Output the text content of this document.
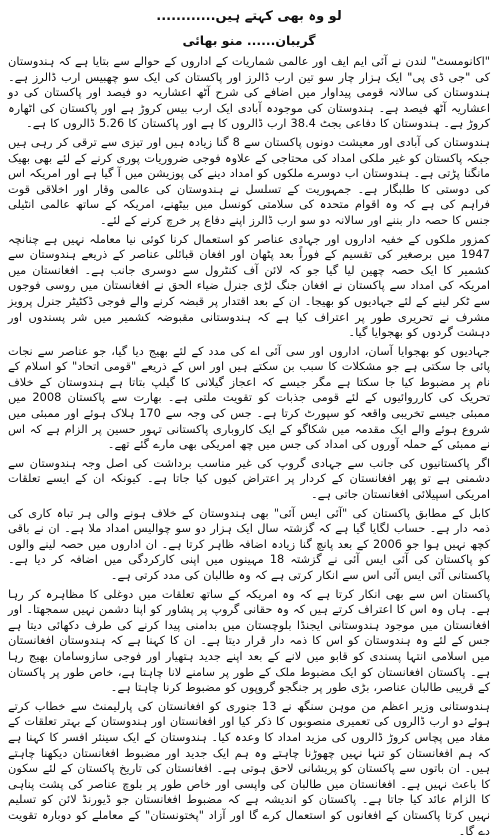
لو وہ بھی کہتے ہیں............
گریبان...... منو بھائی

"اکانومسٹ" لندن نے آئی ایم ایف اور عالمی شماریات کے اداروں کے حوالے سے بتایا ہے کہ ہندوستان کی "جی ڈی پی" ایک ہزار چار سو تین ارب ڈالرز اور پاکستان کی ایک سو چھبیس ارب ڈالرز ہے۔ ہندوستان کی سالانہ قومی پیداوار میں اضافے کی شرح آٹھ اعشاریہ دو فیصد اور پاکستان کی دو اعشاریہ آٹھ فیصد ہے۔ ہندوستان کی موجودہ آبادی ایک ارب بیس کروڑ ہے اور پاکستان کی اٹھارہ کروڑ ہے۔ ہندوستان کا دفاعی بجٹ 38.4 ارب ڈالروں کا ہے اور پاکستان کا 5.26 ڈالروں کا ہے۔

ہندوستان کی آبادی اور معیشت دونوں پاکستان سے 8 گنا زیادہ ہیں اور تیزی سے ترقی کر رہی ہیں جبکہ پاکستان کو غیر ملکی امداد کی محتاجی کے علاوہ فوجی ضروریات پوری کرنے کے لئے بھی بھیک مانگنا پڑتی ہے۔ ہندوستان اب دوسرے ملکوں کو امداد دینے کی پوزیشن میں آ گیا ہے اور امریکہ اس کی دوستی کا طلبگار ہے۔ جمہوریت کے تسلسل نے ہندوستان کی عالمی وقار اور اخلاقی قوت فراہم کی ہے کہ وہ اقوام متحدہ کی سلامتی کونسل میں بیٹھنے، امریکہ کے ساتھ عالمی انٹیلی جنس کا حصہ دار بننے اور سالانہ دو سو ارب ڈالرز اپنے دفاع پر خرچ کرنے کے لئے۔

کمزور ملکوں کے خفیہ اداروں اور جہادی عناصر کو استعمال کرنا کوئی نیا معاملہ نہیں ہے چنانچہ 1947 میں برصغیر کی تقسیم کے فوراً بعد پٹھان اور افغان قبائلی عناصر کے ذریعے ہندوستان سے کشمیر کا ایک حصہ چھین لیا گیا جو کہ لائن آف کنٹرول سے دوسری جانب ہے۔ افغانستان میں امریکہ کی امداد سے پاکستان نے افغان جنگ لڑی جنرل ضیاء الحق نے افغانستان میں روسی فوجوں سے ٹکر لینے کے لئے جہادیوں کو بھیجا۔ ان کے بعد اقتدار پر قبضہ کرنے والے فوجی ڈکٹیٹر جنرل پرویز مشرف نے تحریری طور پر اعتراف کیا ہے کہ ہندوستانی مقبوضہ کشمیر میں شر پسندوں اور دہشت گردوں کو بھجوایا گیا۔

جہادیوں کو بھجوایا آسان، اداروں اور سی آئی اے کی مدد کے لئے بھیج دیا گیا، جو عناصر سے نجات پائی جا سکتی ہے جو مشکلات کا سبب بن سکتے ہیں اور اس کے ذریعے "قومی اتحاد" کو اسلام کے نام پر مضبوط کیا جا سکتا ہے مگر جیسے کہ اعجاز گیلانی کا گیلپ بتاتا ہے ہندوستان کے خلاف تحریک کی کارروائیوں کے لئے قومی جذبات کو تقویت ملتی ہے۔ بھارت سے پاکستان 2008 میں ممبئی جیسے تخریبی واقعہ کو سپورٹ کرتا ہے۔ جس کی وجہ سے 170 ہلاک ہوئے اور ممبئی میں شروع ہوئے والے ایک مقدمہ میں شکاگو کے ایک کاروباری پاکستانی تہور حسین پر الزام ہے کہ اس نے ممبئی کے حملہ آوروں کی امداد کی جس میں چھ امریکی بھی مارے گئے تھے۔

اگر پاکستانیوں کی جانب سے جہادی گروپ کی غیر مناسب برداشت کی اصل وجہ ہندوستان سے دشمنی ہے تو پھر افغانستان کے کردار پر اعتراض کیوں کیا جاتا ہے۔ کیونکہ ان کے ایسے تعلقات امریکی اسپیلائی افغانستان جاتی ہے۔

کابل کے مطابق پاکستان کی "آئی ایس آئی" بھی ہندوستان کے خلاف ہونے والی ہر تباہ کاری کی ذمہ دار ہے۔ حساب لگایا گیا ہے کہ گزشتہ سال ایک ہزار دو سو چوالیس امداد ملا ہے۔ ان نے باقی کچھ نہیں ہوا جو 2006 کے بعد پانچ گنا زیادہ اضافہ ظاہر کرتا ہے۔ ان اداروں میں حصہ لینے والوں کو پاکستان کی آئی ایس آئی نے گزشتہ 18 مہینوں میں اپنی کارکردگی میں اضافہ کر دیا ہے۔ پاکستانی آئی ایس آئی اس سے انکار کرتی ہے کہ وہ طالبان کی مدد کرتی ہے۔

پاکستان اس سے بھی انکار کرتا ہے کہ وہ امریکہ کے ساتھ تعلقات میں دوغلی کا مظاہرہ کر رہا ہے۔ ہاں وہ اس کا اعتراف کرتے ہیں کہ وہ حقانی گروپ پر پشاور کو اپنا دشمن نہیں سمجھتا۔ اور افغانستان میں موجود ہندوستانی ایجنڈا بلوچستان میں بدامنی پیدا کرنے کی طرف دکھائی دیتا ہے جس کے لئے وہ ہندوستان کو اس کا ذمہ دار قرار دیتا ہے۔ ان کا کہنا ہے کہ ہندوستان افغانستان میں اسلامی انتہا پسندی کو قابو میں لانے کے بعد اپنے جدید ہتھیار اور فوجی سازوسامان بھیج رہا ہے۔ پاکستان افغانستان کو ایک مضبوط ملک کے طور پر سامنے لانا چاہتا ہے، خاص طور پر پاکستان کے قریبی طالبان عناصر، بڑی طور پر جنگجو گروپوں کو مضبوط کرنا چاہتا ہے۔

ہندوستانی وزیر اعظم من موہن سنگھ نے 13 جنوری کو افغانستان کی پارلیمنٹ سے خطاب کرتے ہوئے دو ارب ڈالروں کی تعمیری منصوبوں کا ذکر کیا اور افغانستان اور ہندوستان کے بہتر تعلقات کے مفاد میں پچاس کروڑ ڈالروں کی مزید امداد کا وعدہ کیا۔ ہندوستان کے ایک سینئر افسر کا کہنا ہے کہ ہم افغانستان کو تنہا نہیں چھوڑنا چاہتے وہ ہم ایک جدید اور مضبوط افغانستان دیکھنا چاہتے ہیں۔ ان باتوں سے پاکستان کو پریشانی لاحق ہوتی ہے۔ افغانستان کی تاریخ پاکستان کے لئے سکون کا باعث نہیں ہے۔ افغانستان میں طالبان کی واپسی اور خاص طور پر بلوچ عناصر کی پشت پناہی کا الزام عائد کیا جاتا ہے۔ پاکستان کو اندیشہ ہے کہ مضبوط افغانستان جو ڈیورنڈ لائن کو تسلیم نہیں کرتا پاکستان کے افغانوں کو استعمال کرے گا اور آزاد "پختونستان" کے معاملے کو دوبارہ تقویت دے گا۔
